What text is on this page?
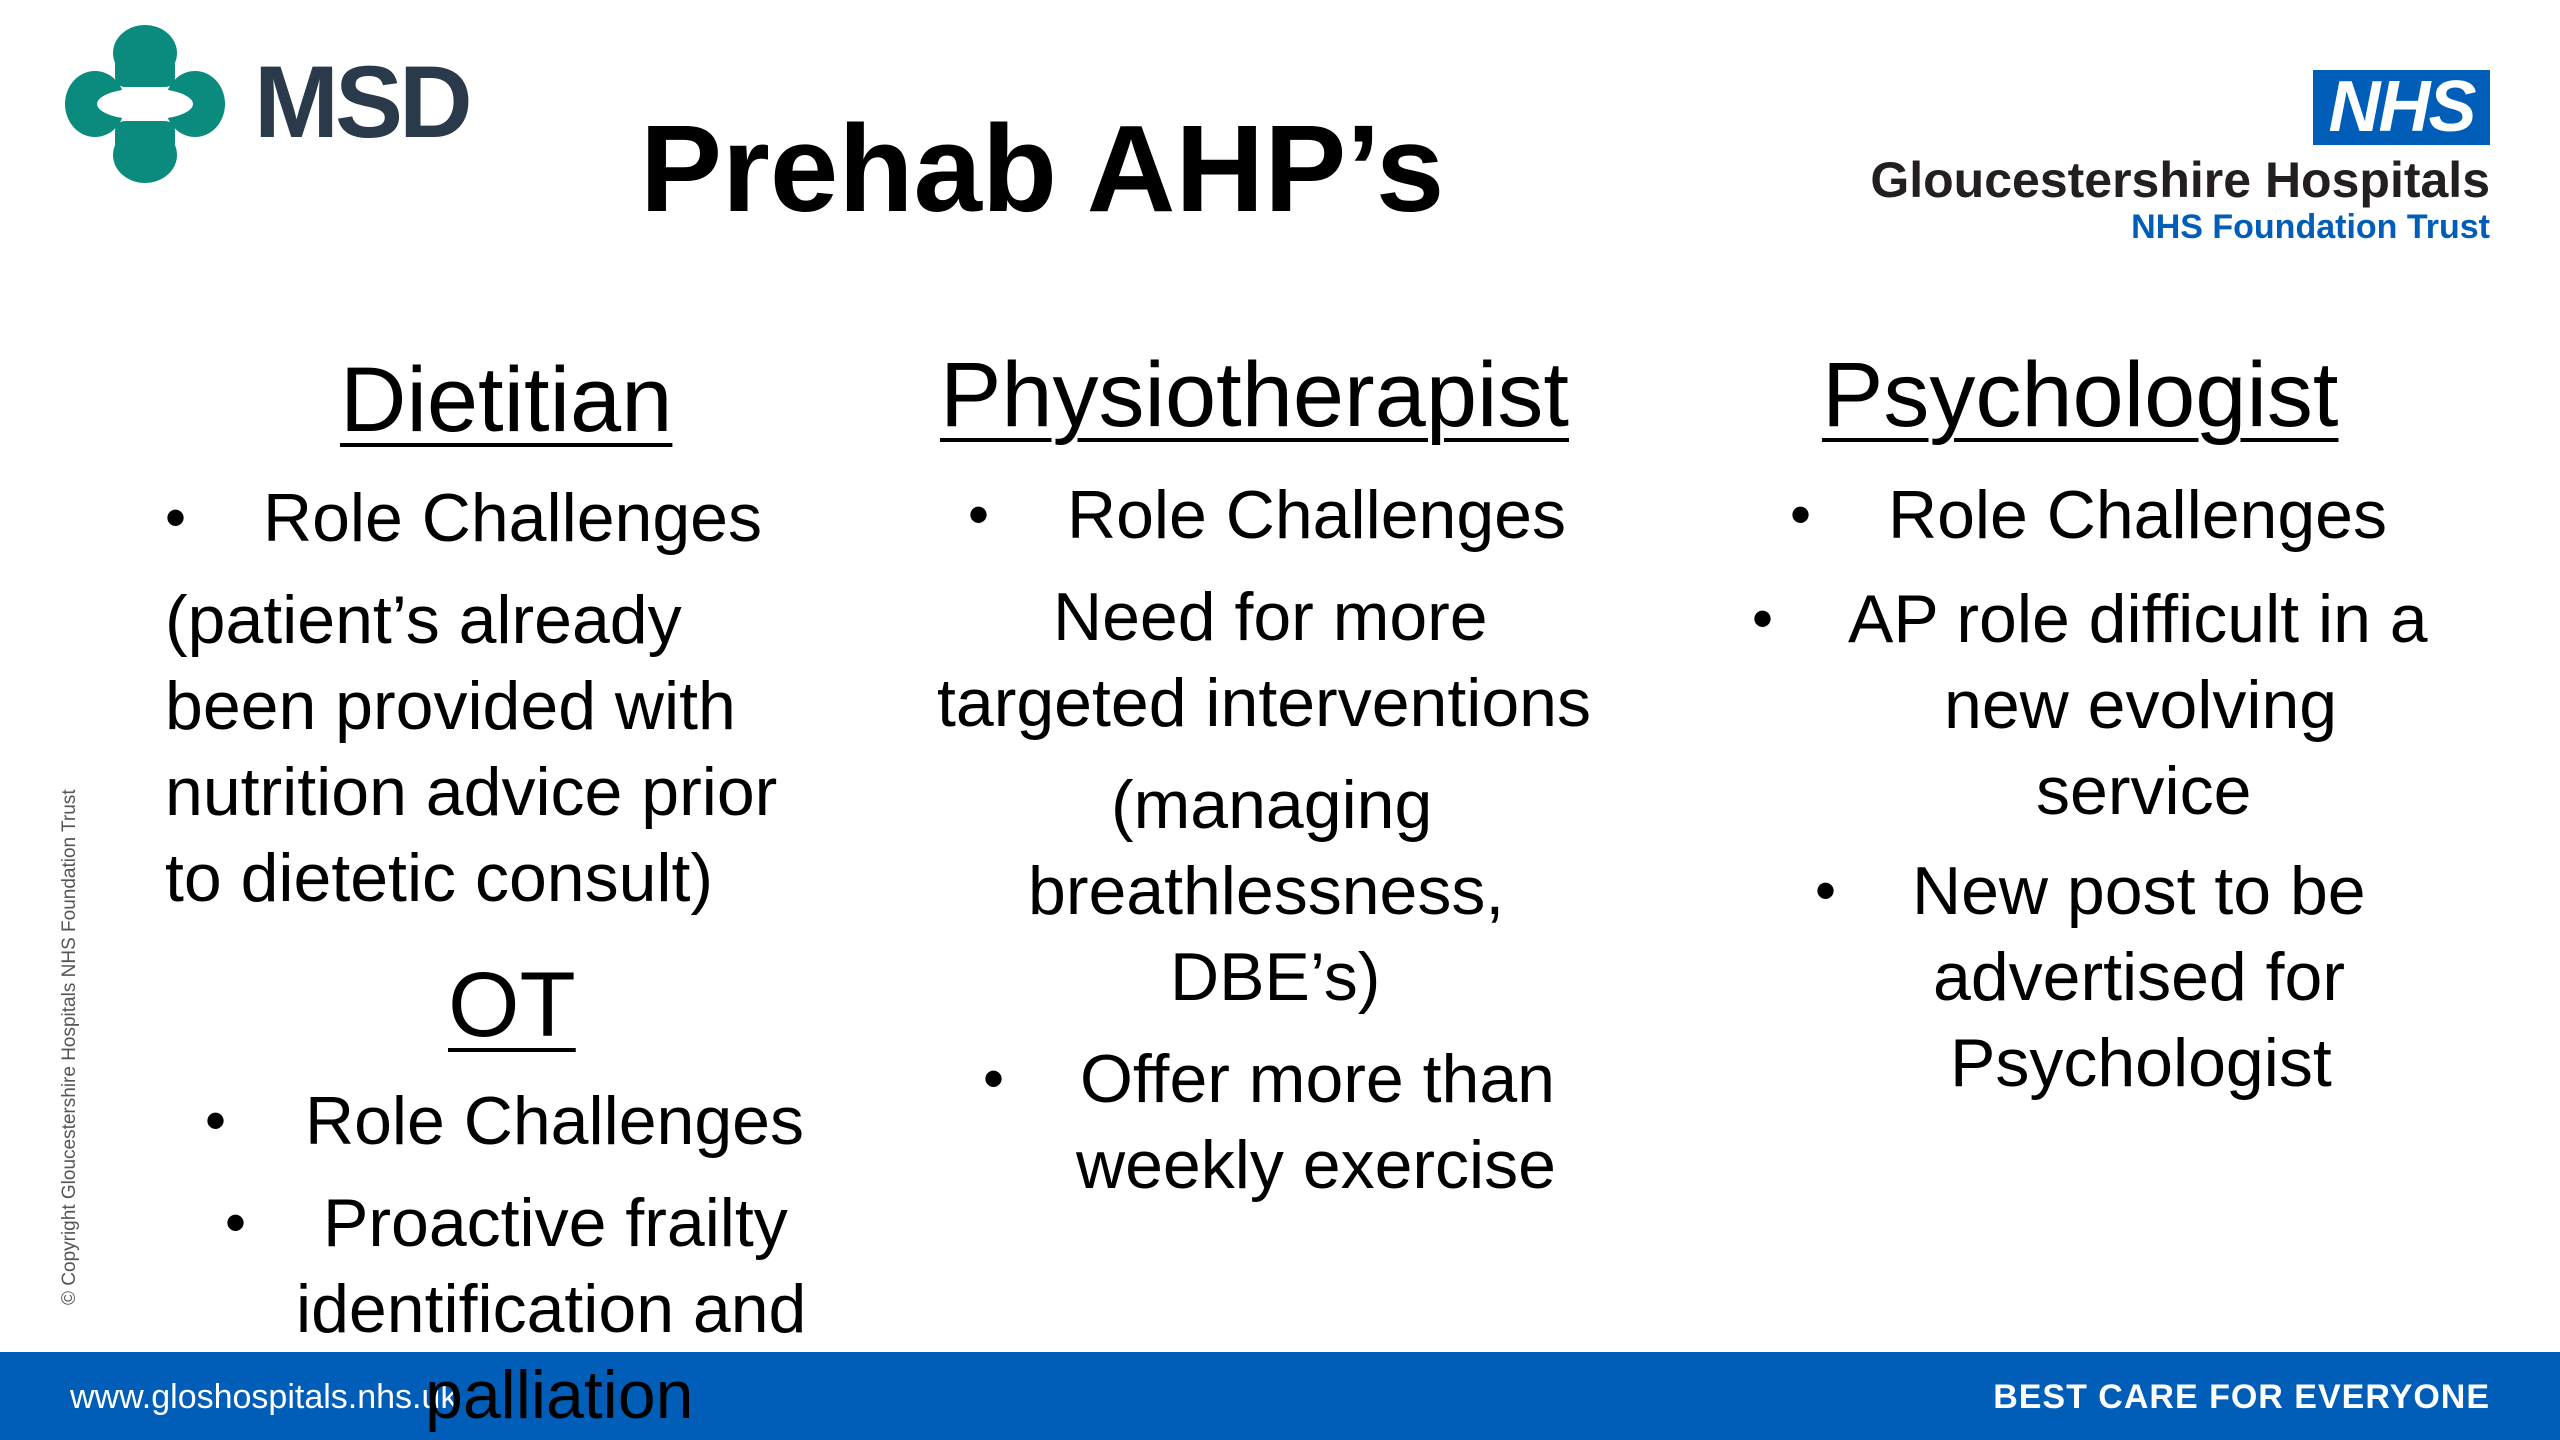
MSD Prehab AHP’s	NHS
Gloucestershire Hospitals
NHS Foundation Trust
Dietitian
• Role Challenges
(patient’s already
been provided with
nutrition advice prior
to dietetic consult)
OT
• Role Challenges
• Proactive frailty
identification and
Physiotherapist
• Role Challenges
Need for more
targeted interventions
(managing
breathlessness,
DBE’s)
• Offer more than
weekly exercise
Psychologist
• Role Challenges
• AP role difficult in a
new evolving
service
• New post to be
advertised for
Psychologist
© Copyright Gloucestershire Hospitals NHS Foundation Trust
www.gloshospitals.nhs.uk	BEST CARE FOR EVERYONE
palliation
